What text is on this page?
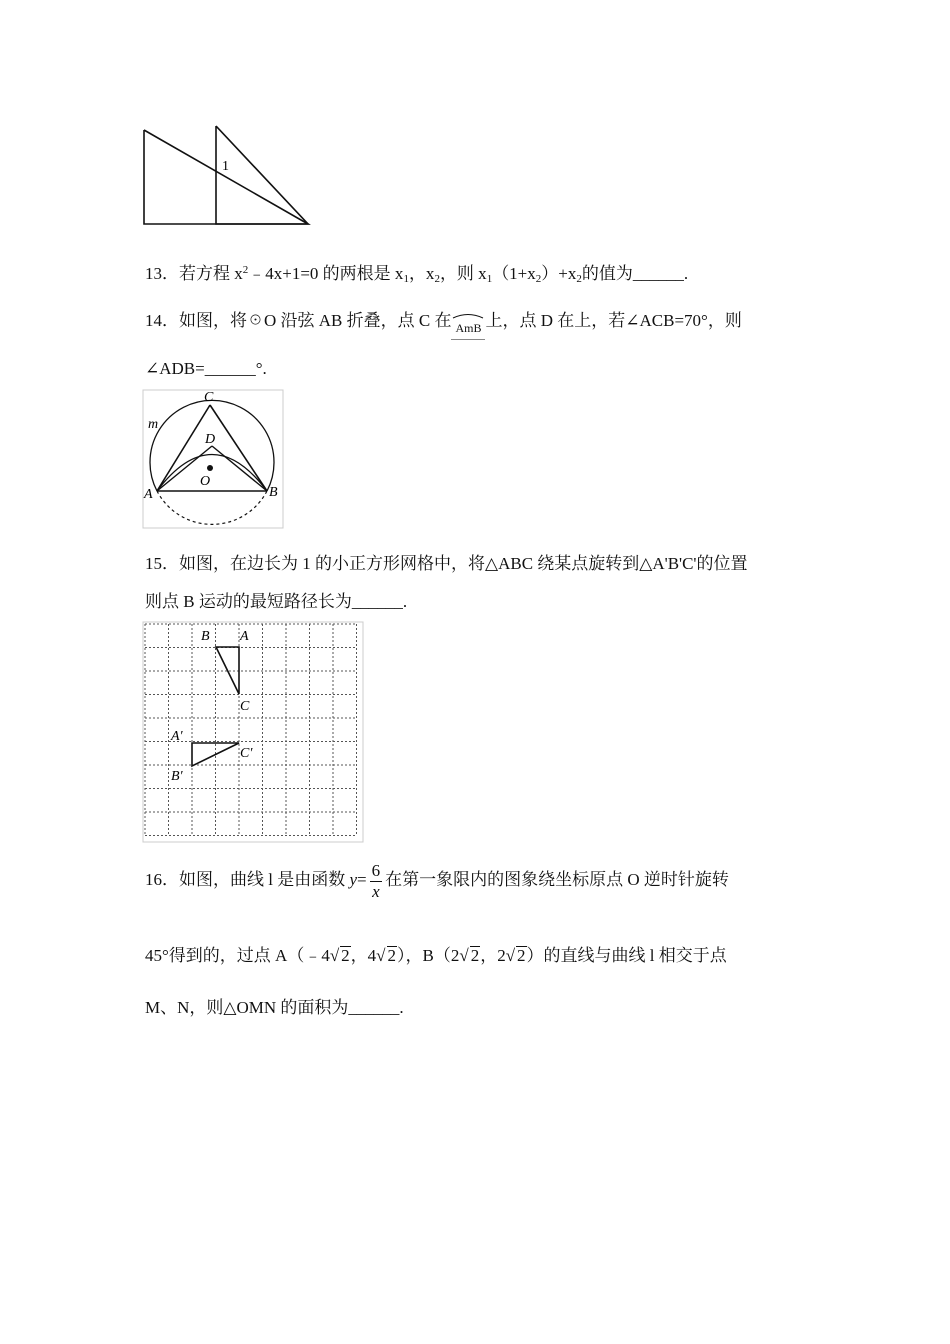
1
13．若方程 $x^2﹣4x+1=0$ 的两根是 $x_1$，$x_2$，则 $x_1(1+x_2)+x_2$的值为______.
14．如图，将☉O 沿弦 AB 折叠，点 C 在 AmB 上，点 D 在上，若∠ACB=70°，则
∠ADB=______°.
C
D
O
A	B
m
15．如图，在边长为 1 的小正方形网格中，将△ABC 绕某点旋转到△A'B'C'的位置
则点 B 运动的最短路径长为______.
B A
C
A′
C′
B′
16．如图，曲线 l 是由函数 $y= \frac{6}{x}$ 在第一象限内的图象绕坐标原点 O 逆时针旋转
45°得到的，过点 A（﹣4√ 2，4√ 2），B（2√ 2，2√ 2）的直线与曲线 l 相交于点
M、N，则△OMN 的面积为______.
